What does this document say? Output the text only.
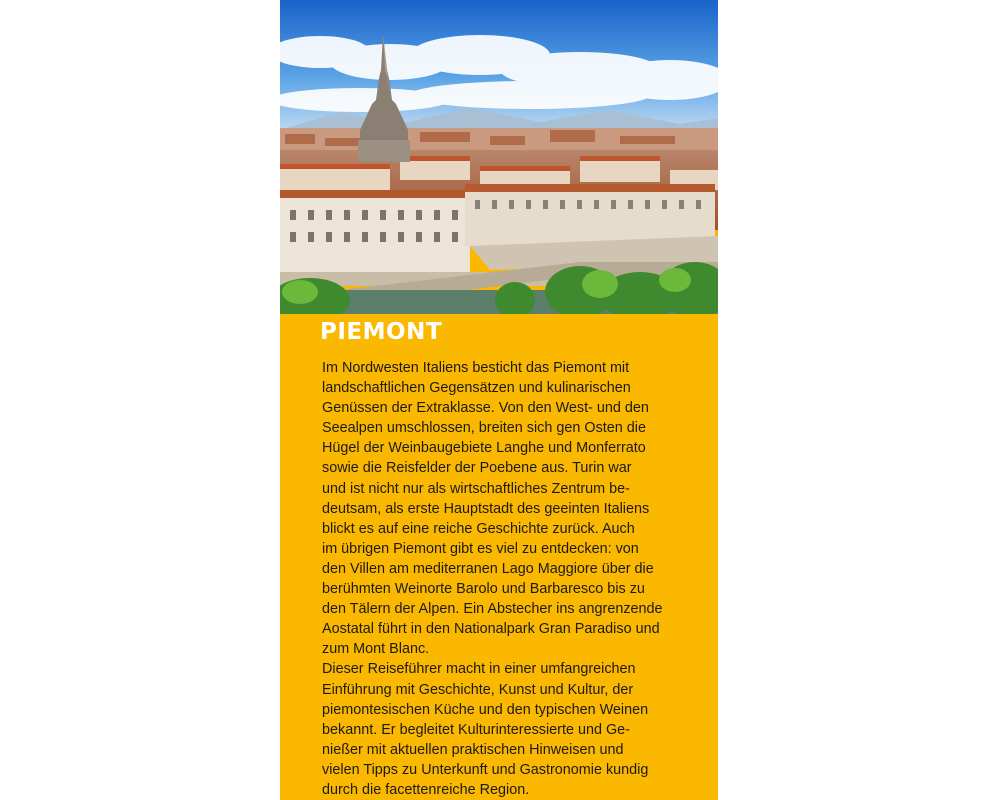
PIEMONT
Im Nordwesten Italiens besticht das Piemont mit
landschaftlichen Gegensätzen und kulinarischen
Genüssen der Extraklasse. Von den West- und den
Seealpen umschlossen, breiten sich gen Osten die
Hügel der Weinbaugebiete Langhe und Monferrato
sowie die Reisfelder der Poebene aus. Turin war
und ist nicht nur als wirtschaftliches Zentrum be-
deutsam, als erste Hauptstadt des geeinten Italiens
blickt es auf eine reiche Geschichte zurück. Auch
im übrigen Piemont gibt es viel zu entdecken: von
den Villen am mediterranen Lago Maggiore über die
berühmten Weinorte Barolo und Barbaresco bis zu
den Tälern der Alpen. Ein Abstecher ins angrenzende
Aostatal führt in den Nationalpark Gran Paradiso und
zum Mont Blanc.
Dieser Reiseführer macht in einer umfangreichen
Einführung mit Geschichte, Kunst und Kultur, der
piemontesischen Küche und den typischen Weinen
bekannt. Er begleitet Kulturinteressierte und Ge-
nießer mit aktuellen praktischen Hinweisen und
vielen Tipps zu Unterkunft und Gastronomie kundig
durch die facettenreiche Region.
